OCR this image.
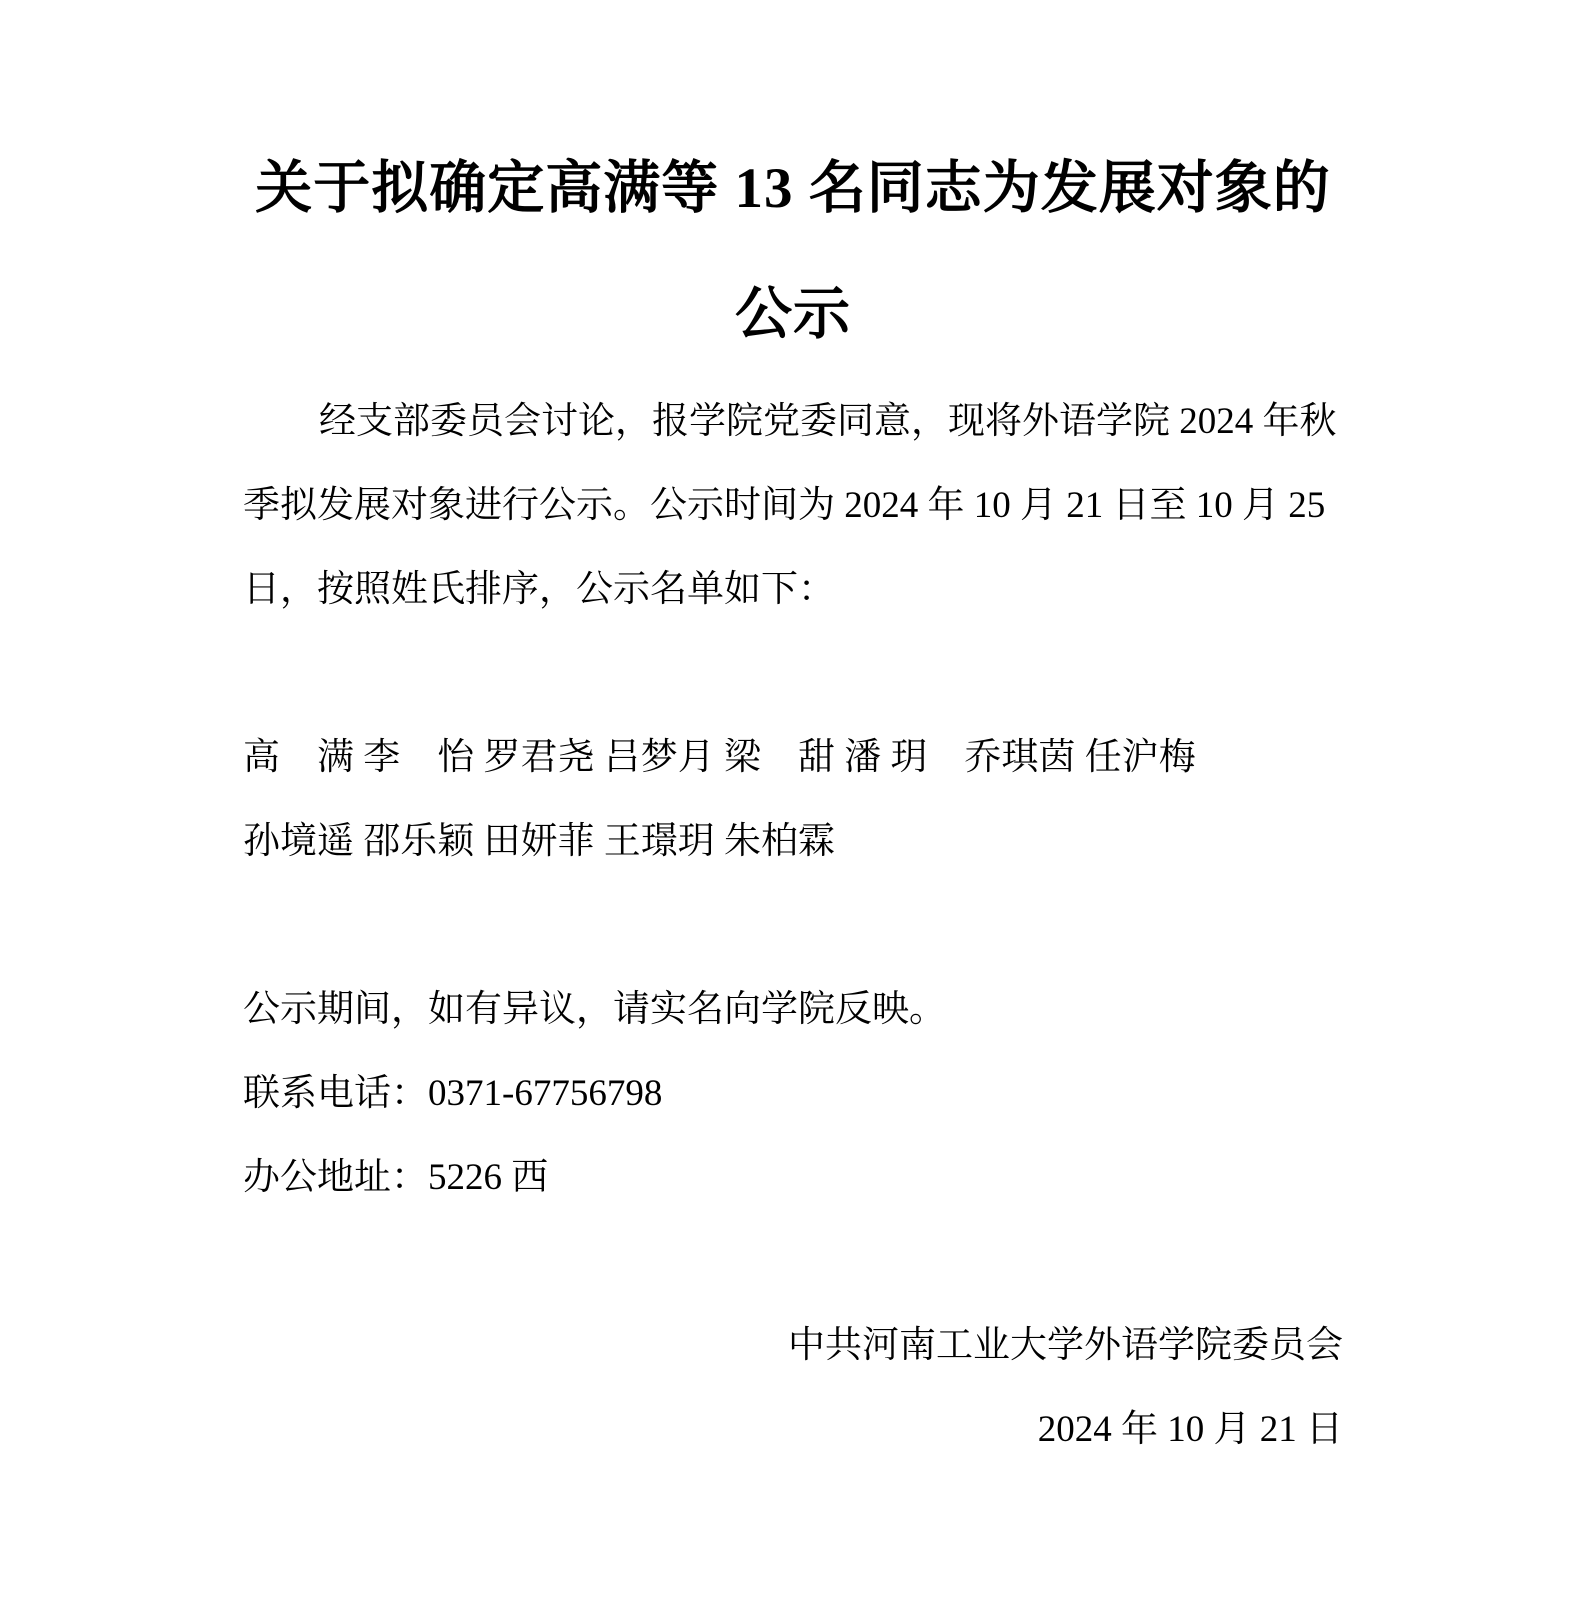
关于拟确定高满等 13 名同志为发展对象的
公示
经支部委员会讨论，报学院党委同意，现将外语学院 2024 年秋
季拟发展对象进行公示。公示时间为 2024 年 10 月 21 日至 10 月 25
日，按照姓氏排序，公示名单如下：
高　满 李　怡 罗君尧 吕梦月 梁　甜 潘 玥　乔琪茵 任沪梅
孙境遥 邵乐颖 田妍菲 王璟玥 朱柏霖
公示期间，如有异议，请实名向学院反映。
联系电话：0371-67756798
办公地址：5226 西
中共河南工业大学外语学院委员会
2024 年 10 月 21 日
